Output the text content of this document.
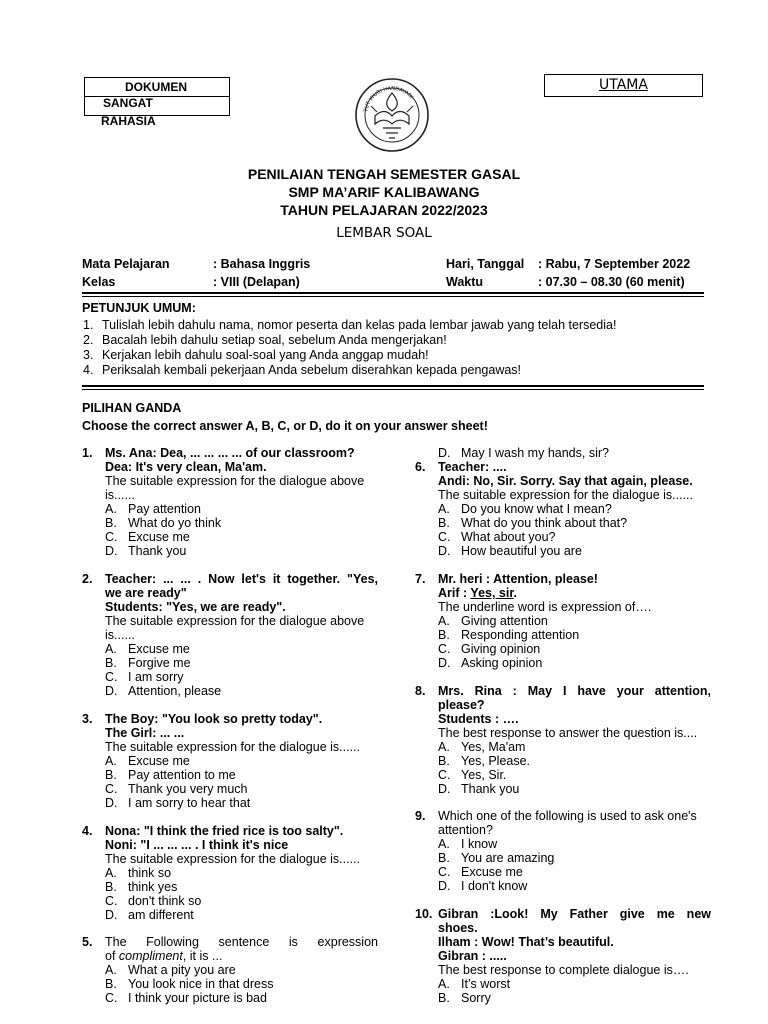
DOKUMEN
SANGAT
RAHASIA
UTAMA
TUT WURI HANDAYANI
PENILAIAN TENGAH SEMESTER GASAL
SMP MA’ARIF KALIBAWANG
TAHUN PELAJARAN 2022/2023
LEMBAR SOAL
Mata Pelajaran	: Bahasa Inggris	Hari, Tanggal : Rabu, 7 September 2022
Kelas	: VIII (Delapan)	Waktu	: 07.30 – 08.30 (60 menit)
PETUNJUK UMUM:
1. Tulislah lebih dahulu nama, nomor peserta dan kelas pada lembar jawab yang telah tersedia!
2. Bacalah lebih dahulu setiap soal, sebelum Anda mengerjakan!
3. Kerjakan lebih dahulu soal-soal yang Anda anggap mudah!
4. Periksalah kembali pekerjaan Anda sebelum diserahkan kepada pengawas!
PILIHAN GANDA
Choose the correct answer A, B, C, or D, do it on your answer sheet!
1. Ms. Ana: Dea, ... ... ... ... of our classroom?
Dea: It's very clean, Ma'am.
The suitable expression for the dialogue above
is......
A. Pay attention
B. What do yo think
C. Excuse me
D. Thank you
2. Teacher: ... ... . Now let's it together. "Yes,
we are ready"
Students: "Yes, we are ready".
The suitable expression for the dialogue above
is......
A. Excuse me
B. Forgive me
C. I am sorry
D. Attention, please
3. The Boy: "You look so pretty today".
The Girl: ... ...
The suitable expression for the dialogue is......
A. Excuse me
B. Pay attention to me
C. Thank you very much
D. I am sorry to hear that
4. Nona: "I think the fried rice is too salty".
Noni: "I ... ... ... . I think it's nice
The suitable expression for the dialogue is......
A. think so
B. think yes
C. don't think so
D. am different
5. The Following sentence is expression
of compliment, it is ...
A. What a pity you are
B. You look nice in that dress
C. I think your picture is bad
D. May I wash my hands, sir?
6. Teacher: ....
Andi: No, Sir. Sorry. Say that again, please.
The suitable expression for the dialogue is......
A. Do you know what I mean?
B. What do you think about that?
C. What about you?
D. How beautiful you are
7. Mr. heri : Attention, please!
Arif : Yes, sir.
The underline word is expression of….
A. Giving attention
B. Responding attention
C. Giving opinion
D. Asking opinion
8. Mrs. Rina : May I have your attention,
please?
Students : ….
The best response to answer the question is....
A. Yes, Ma'am
B. Yes, Please.
C. Yes, Sir.
D. Thank you
9. Which one of the following is used to ask one's
attention?
A. I know
B. You are amazing
C. Excuse me
D. I don't know
10. Gibran :Look! My Father give me new
shoes.
Ilham : Wow! That’s beautiful.
Gibran : .....
The best response to complete dialogue is….
A. It’s worst
B. Sorry
